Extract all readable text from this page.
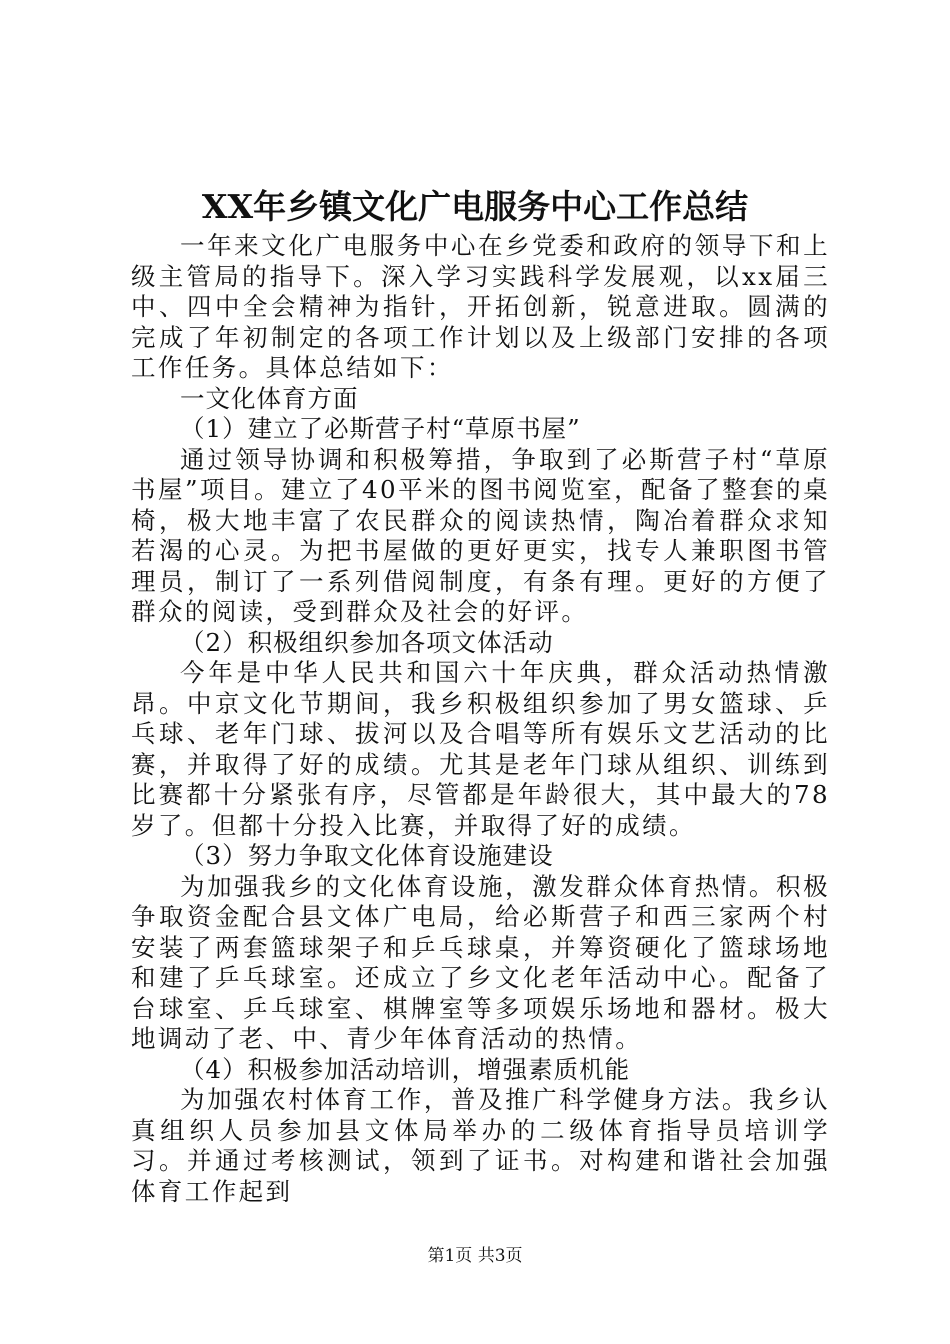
XX年乡镇文化广电服务中心工作总结

一年来文化广电服务中心在乡党委和政府的领导下和上级主管局的指导下。深入学习实践科学发展观，以xx届三中、四中全会精神为指针，开拓创新，锐意进取。圆满的完成了年初制定的各项工作计划以及上级部门安排的各项工作任务。具体总结如下：

一文化体育方面

（1）建立了必斯营子村“草原书屋”

通过领导协调和积极筹措，争取到了必斯营子村“草原书屋”项目。建立了40平米的图书阅览室，配备了整套的桌椅，极大地丰富了农民群众的阅读热情，陶冶着群众求知若渴的心灵。为把书屋做的更好更实，找专人兼职图书管理员，制订了一系列借阅制度，有条有理。更好的方便了群众的阅读，受到群众及社会的好评。

（2）积极组织参加各项文体活动

今年是中华人民共和国六十年庆典，群众活动热情激昂。中京文化节期间，我乡积极组织参加了男女篮球、乒乓球、老年门球、拔河以及合唱等所有娱乐文艺活动的比赛，并取得了好的成绩。尤其是老年门球从组织、训练到比赛都十分紧张有序，尽管都是年龄很大，其中最大的78岁了。但都十分投入比赛，并取得了好的成绩。

（3）努力争取文化体育设施建设

为加强我乡的文化体育设施，激发群众体育热情。积极争取资金配合县文体广电局，给必斯营子和西三家两个村安装了两套篮球架子和乒乓球桌，并筹资硬化了篮球场地和建了乒乓球室。还成立了乡文化老年活动中心。配备了台球室、乒乓球室、棋牌室等多项娱乐场地和器材。极大地调动了老、中、青少年体育活动的热情。

（4）积极参加活动培训，增强素质机能

为加强农村体育工作，普及推广科学健身方法。我乡认真组织人员参加县文体局举办的二级体育指导员培训学习。并通过考核测试，领到了证书。对构建和谐社会加强体育工作起到

第1页 共3页
